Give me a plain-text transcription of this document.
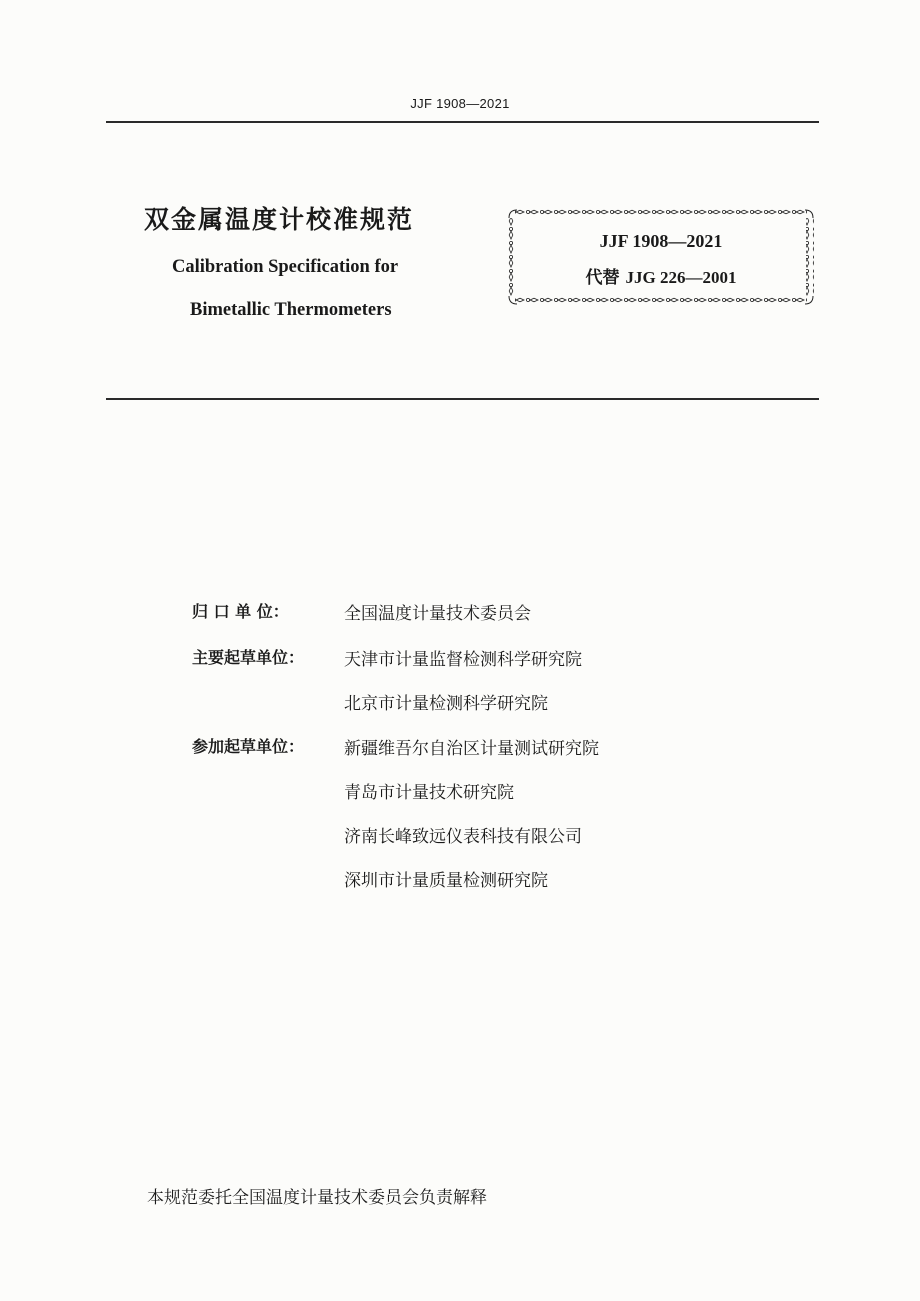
JJF 1908—2021
双金属温度计校准规范
Calibration Specification for
Bimetallic Thermometers
JJF 1908—2021
代替 JJG 226—2001
归 口 单 位：	全国温度计量技术委员会
主要起草单位：	天津市计量监督检测科学研究院
北京市计量检测科学研究院
参加起草单位：	新疆维吾尔自治区计量测试研究院
青岛市计量技术研究院
济南长峰致远仪表科技有限公司
深圳市计量质量检测研究院
本规范委托全国温度计量技术委员会负责解释
